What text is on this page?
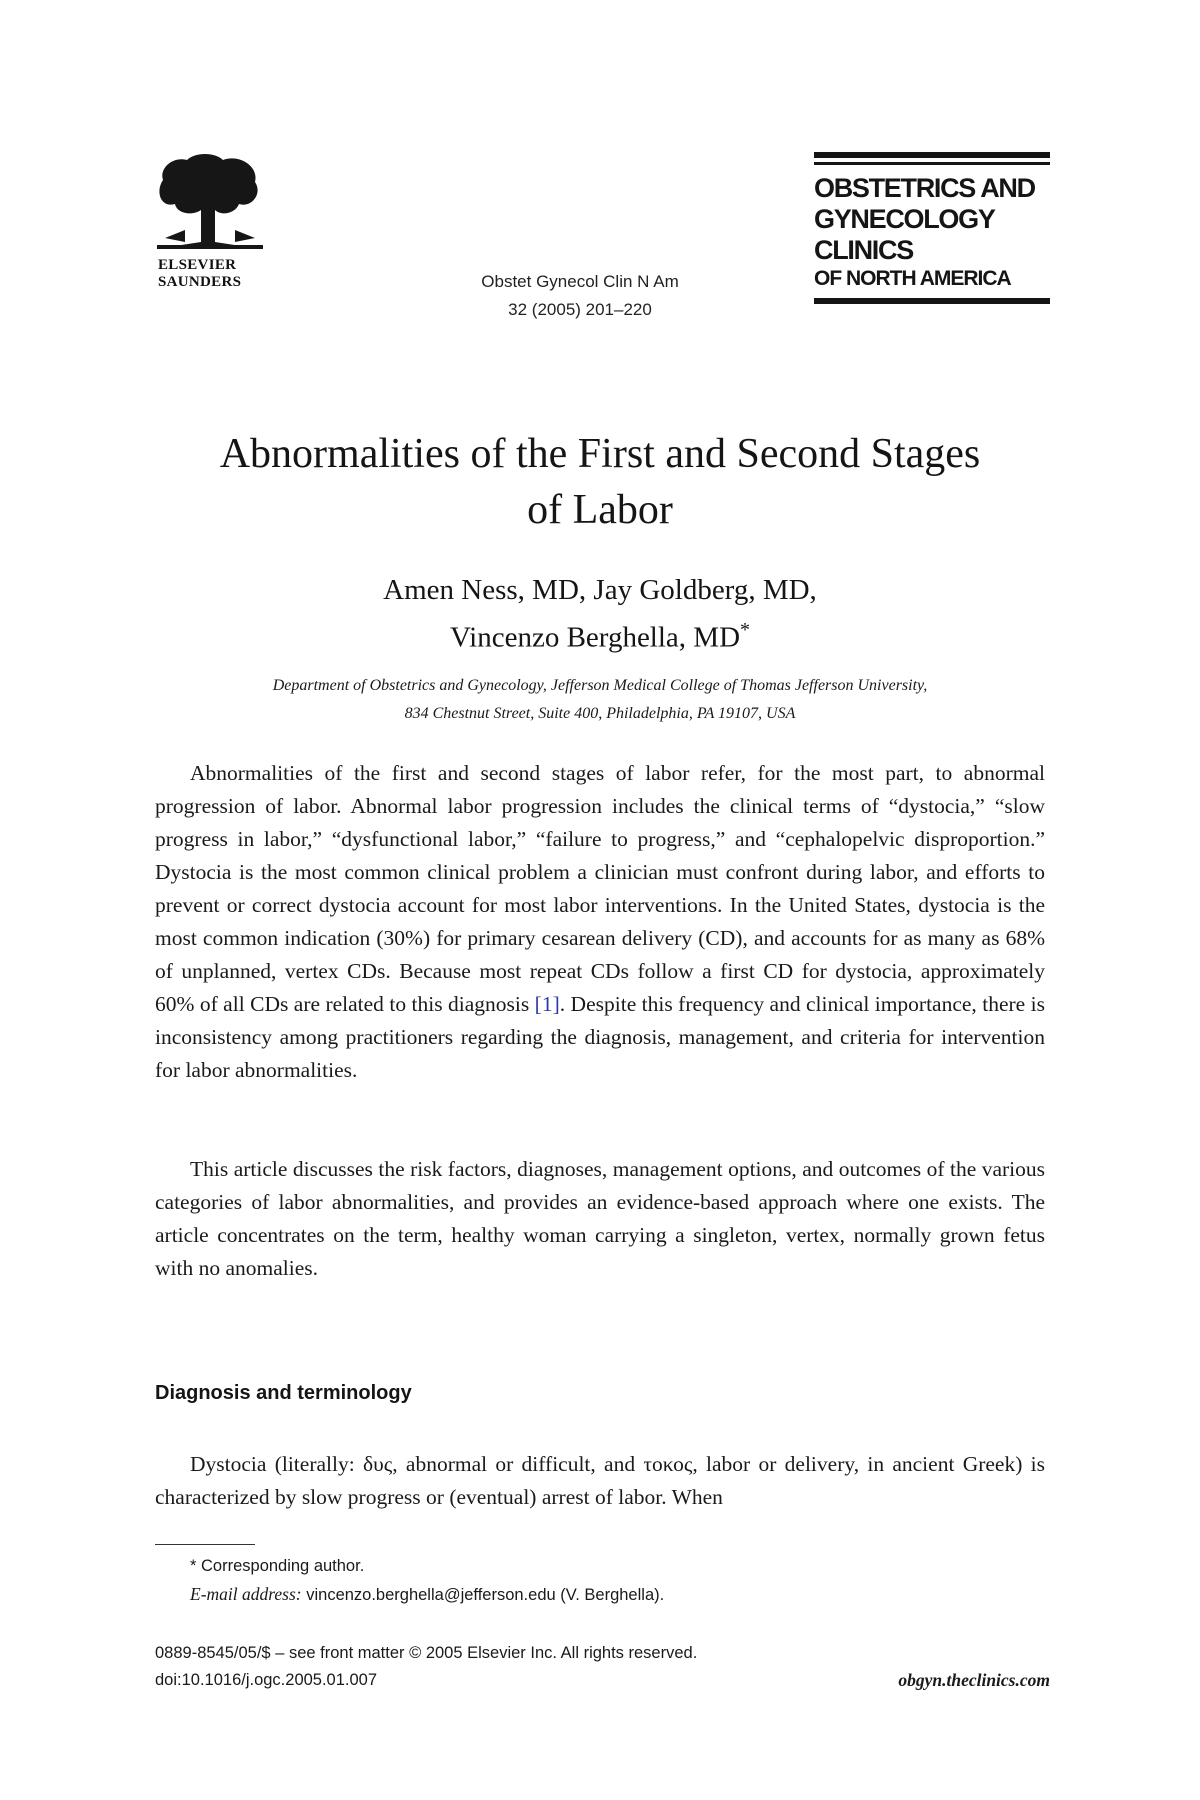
ELSEVIER
SAUNDERS	Obstet Gynecol Clin N Am
32 (2005) 201–220
OBSTETRICS AND
GYNECOLOGY
CLINICS
OF NORTH AMERICA
Abnormalities of the First and Second Stages
of Labor
Amen Ness, MD, Jay Goldberg, MD,
Vincenzo Berghella, MD*
Department of Obstetrics and Gynecology, Jefferson Medical College of Thomas Jefferson University,
834 Chestnut Street, Suite 400, Philadelphia, PA 19107, USA

Abnormalities of the first and second stages of labor refer, for the most part, to abnormal progression of labor. Abnormal labor progression includes the clinical terms of “dystocia,” “slow progress in labor,” “dysfunctional labor,” “failure to progress,” and “cephalopelvic disproportion.” Dystocia is the most common clinical problem a clinician must confront during labor, and efforts to prevent or correct dystocia account for most labor interventions. In the United States, dystocia is the most common indication (30%) for primary cesarean delivery (CD), and accounts for as many as 68% of unplanned, vertex CDs. Because most repeat CDs follow a first CD for dystocia, approximately 60% of all CDs are related to this diagnosis [1]. Despite this frequency and clinical importance, there is inconsistency among practitioners regarding the diagnosis, management, and criteria for intervention for labor abnormalities.

This article discusses the risk factors, diagnoses, management options, and outcomes of the various categories of labor abnormalities, and provides an evidence-based approach where one exists. The article concentrates on the term, healthy woman carrying a singleton, vertex, normally grown fetus with no anomalies.

Diagnosis and terminology

Dystocia (literally: δυς, abnormal or difficult, and τοκος, labor or delivery, in ancient Greek) is characterized by slow progress or (eventual) arrest of labor. When

* Corresponding author.
E-mail address: vincenzo.berghella@jefferson.edu (V. Berghella).
0889-8545/05/$ – see front matter © 2005 Elsevier Inc. All rights reserved.
doi:10.1016/j.ogc.2005.01.007	obgyn.theclinics.com
